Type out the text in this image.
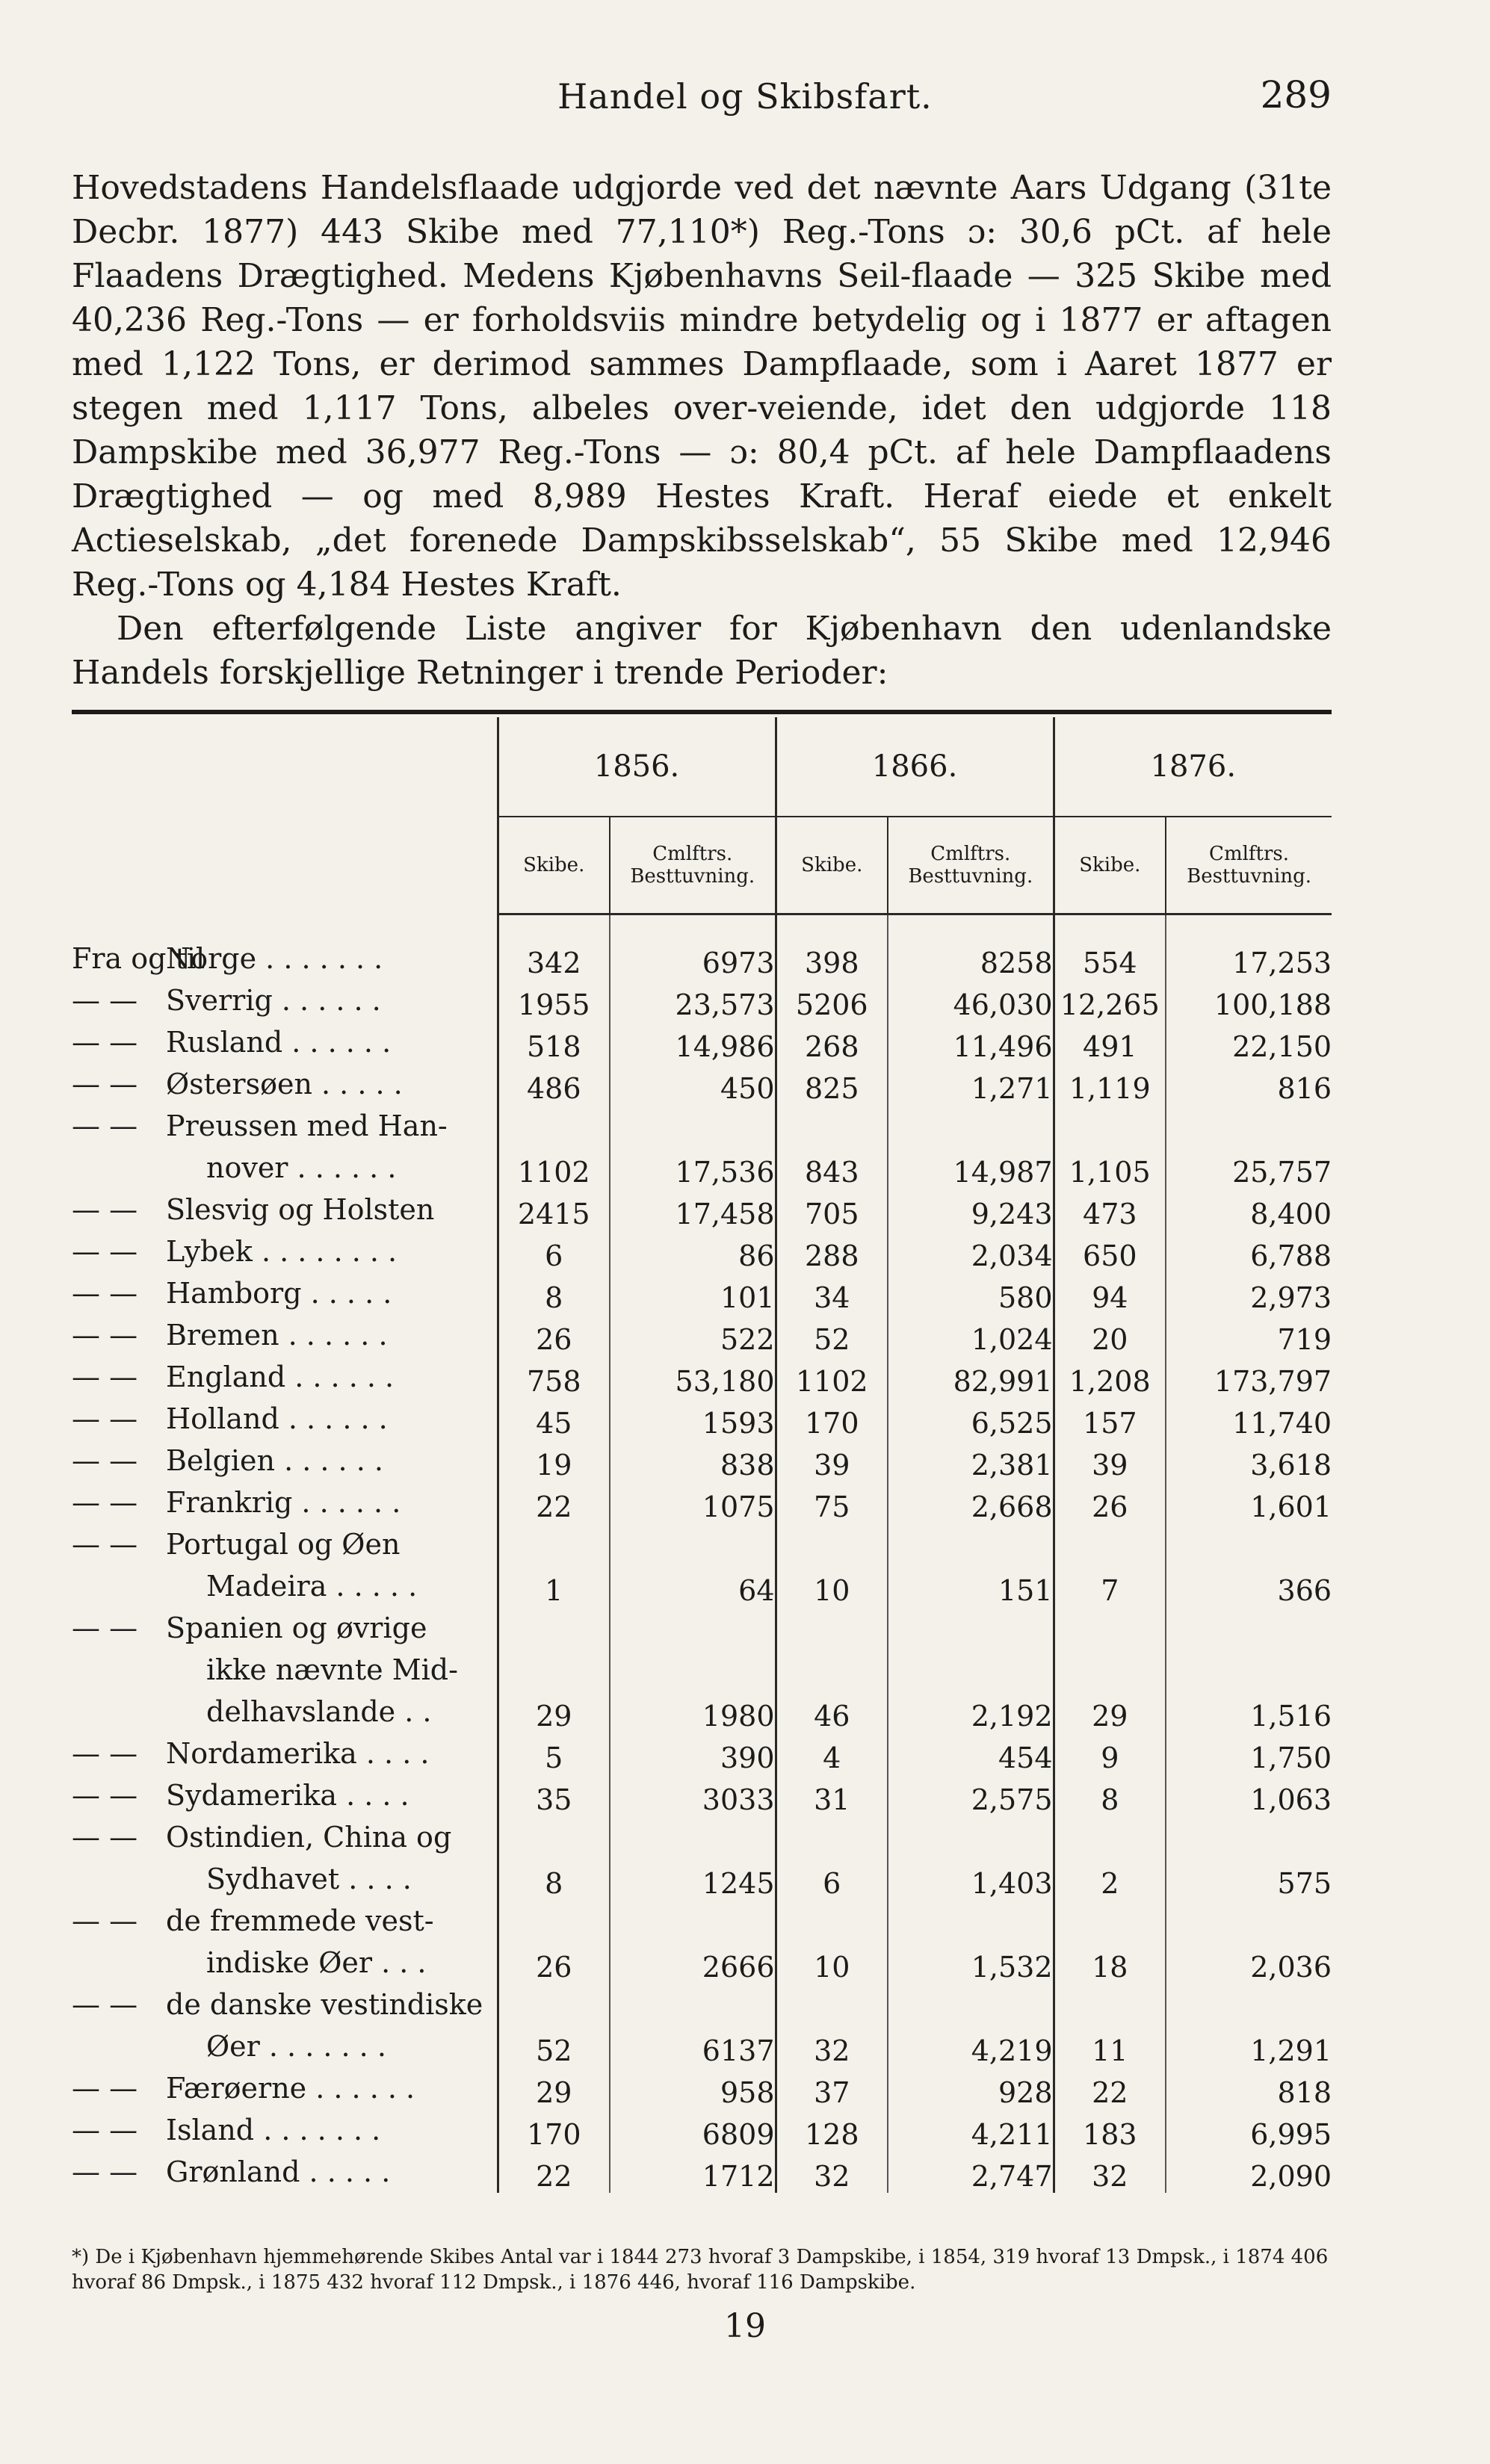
Handel og Skibsfart.	289

Hovedstadens Handelsflaade udgjorde ved det nævnte Aars Udgang (31te Decbr. 1877) 443 Skibe med 77,110*) Reg.-Tons ɔ: 30,6 pCt. af hele Flaadens Drægtighed. Medens Kjøbenhavns Seil-flaade — 325 Skibe med 40,236 Reg.-Tons — er forholdsviis mindre betydelig og i 1877 er aftagen med 1,122 Tons, er derimod sammes Dampflaade, som i Aaret 1877 er stegen med 1,117 Tons, albeles over-veiende, idet den udgjorde 118 Dampskibe med 36,977 Reg.-Tons — ɔ: 80,4 pCt. af hele Dampflaadens Drægtighed — og med 8,989 Hestes Kraft. Heraf eiede et enkelt Actieselskab, „det forenede Dampskibsselskab“, 55 Skibe med 12,946 Reg.-Tons og 4,184 Hestes Kraft.

Den efterfølgende Liste angiver for Kjøbenhavn den udenlandske Handels forskjellige Retninger i trende Perioder:

	1856.		1866.		1876.	
	Skibe.	Cmlftrs. Besttuvning.	Skibe.	Cmlftrs. Besttuvning.	Skibe.	Cmlftrs. Besttuvning.
Fra og tilNorge . . . . . . .	342	6973	398	8258	554	17,253
— — Sverrig . . . . . .	1955	23,573	5206	46,030	12,265	100,188
— — Rusland . . . . . .	518	14,986	268	11,496	491	22,150
— — Østersøen . . . . .	486	450	825	1,271	1,119	816
— — Preussen med Han-
nover . . . . . .	1102	17,536	843	14,987	1,105	25,757
— — Slesvig og Holsten	2415	17,458	705	9,243	473	8,400
— — Lybek . . . . . . . .	6	86	288	2,034	650	6,788
— — Hamborg . . . . .	8	101	34	580	94	2,973
— — Bremen . . . . . .	26	522	52	1,024	20	719
— — England . . . . . .	758	53,180	1102	82,991	1,208	173,797
— — Holland . . . . . .	45	1593	170	6,525	157	11,740
— — Belgien . . . . . .	19	838	39	2,381	39	3,618
— — Frankrig . . . . . .	22	1075	75	2,668	26	1,601
— — Portugal og Øen
Madeira . . . . .	1	64	10	151	7	366
— — Spanien og øvrige
ikke nævnte Mid-
delhavslande . .	29	1980	46	2,192	29	1,516
— — Nordamerika . . . .	5	390	4	454	9	1,750
— — Sydamerika . . . .	35	3033	31	2,575	8	1,063
— — Ostindien, China og
Sydhavet . . . .	8	1245	6	1,403	2	575
— — de fremmede vest-
indiske Øer . . .	26	2666	10	1,532	18	2,036
— — de danske vestindiske
Øer . . . . . . .	52	6137	32	4,219	11	1,291
— — Færøerne . . . . . .	29	958	37	928	22	818
— — Island . . . . . . .	170	6809	128	4,211	183	6,995
— — Grønland . . . . .	22	1712	32	2,747	32	2,090
*) De i Kjøbenhavn hjemmehørende Skibes Antal var i 1844 273 hvoraf 3 Dampskibe, i 1854, 319 hvoraf 13 Dmpsk., i 1874 406 hvoraf 86 Dmpsk., i 1875 432 hvoraf 112 Dmpsk., i 1876 446, hvoraf 116 Dampskibe.
19
